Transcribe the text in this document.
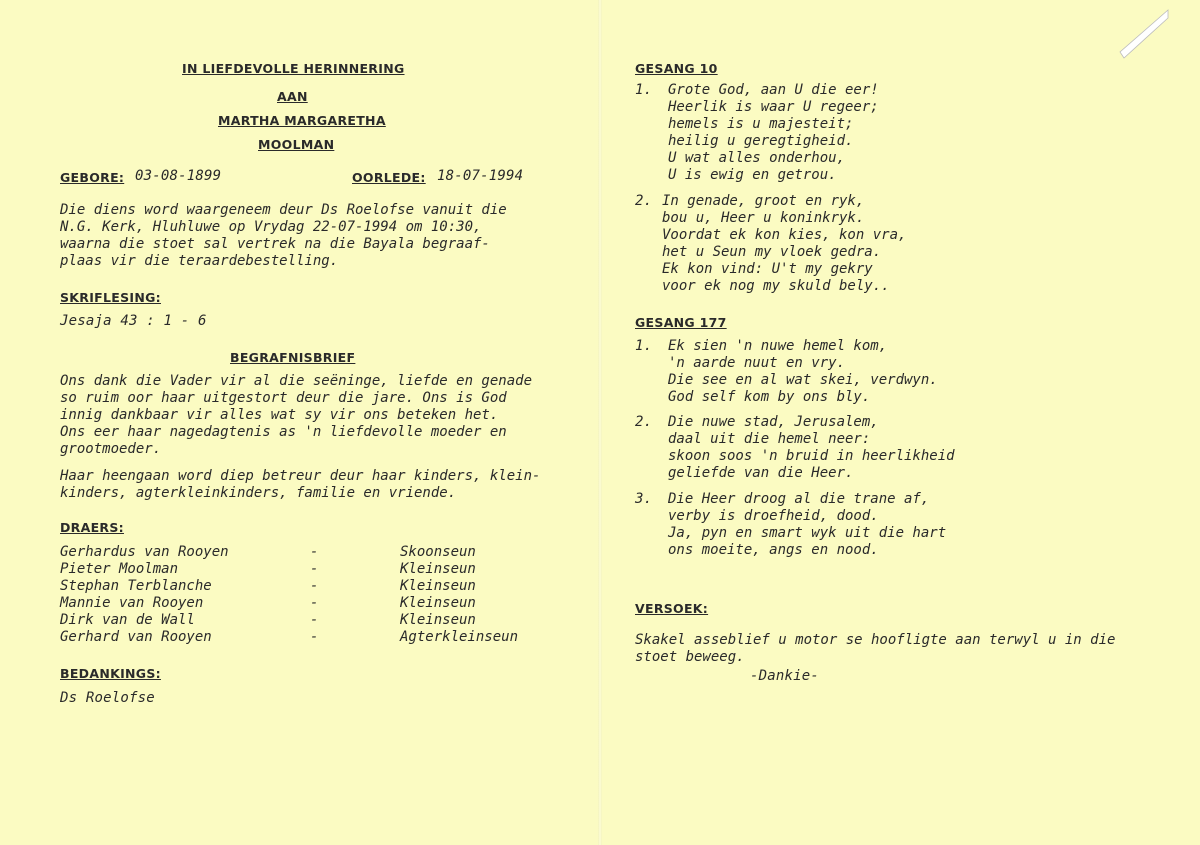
IN LIEFDEVOLLE HERINNERING
AAN
MARTHA MARGARETHA
MOOLMAN
GEBORE: 03-08-1899	OORLEDE: 18-07-1994
Die diens word waargeneem deur Ds Roelofse vanuit die
N.G. Kerk, Hluhluwe op Vrydag 22-07-1994 om 10:30,
waarna die stoet sal vertrek na die Bayala begraaf-
plaas vir die teraardebestelling.
SKRIFLESING:
Jesaja 43 : 1 - 6
BEGRAFNISBRIEF
Ons dank die Vader vir al die seëninge, liefde en genade
so ruim oor haar uitgestort deur die jare. Ons is God
innig dankbaar vir alles wat sy vir ons beteken het.
Ons eer haar nagedagtenis as 'n liefdevolle moeder en
grootmoeder.
Haar heengaan word diep betreur deur haar kinders, klein-
kinders, agterkleinkinders, familie en vriende.
DRAERS:
Gerhardus van Rooyen	-	Skoonseun
Pieter Moolman	-	Kleinseun
Stephan Terblanche	-	Kleinseun
Mannie van Rooyen	-	Kleinseun
Dirk van de Wall	-	Kleinseun
Gerhard van Rooyen	-	Agterkleinseun
BEDANKINGS:
Ds Roelofse
GESANG 10
1. Grote God, aan U die eer!
Heerlik is waar U regeer;
hemels is u majesteit;
heilig u geregtigheid.
U wat alles onderhou,
U is ewig en getrou.
2. In genade, groot en ryk,
bou u, Heer u koninkryk.
Voordat ek kon kies, kon vra,
het u Seun my vloek gedra.
Ek kon vind: U't my gekry
voor ek nog my skuld bely..
GESANG 177
1. Ek sien 'n nuwe hemel kom,
'n aarde nuut en vry.
Die see en al wat skei, verdwyn.
God self kom by ons bly.
2. Die nuwe stad, Jerusalem,
daal uit die hemel neer:
skoon soos 'n bruid in heerlikheid
geliefde van die Heer.
3. Die Heer droog al die trane af,
verby is droefheid, dood.
Ja, pyn en smart wyk uit die hart
ons moeite, angs en nood.
VERSOEK:
Skakel asseblief u motor se hoofligte aan terwyl u in die
stoet beweeg.
-Dankie-
